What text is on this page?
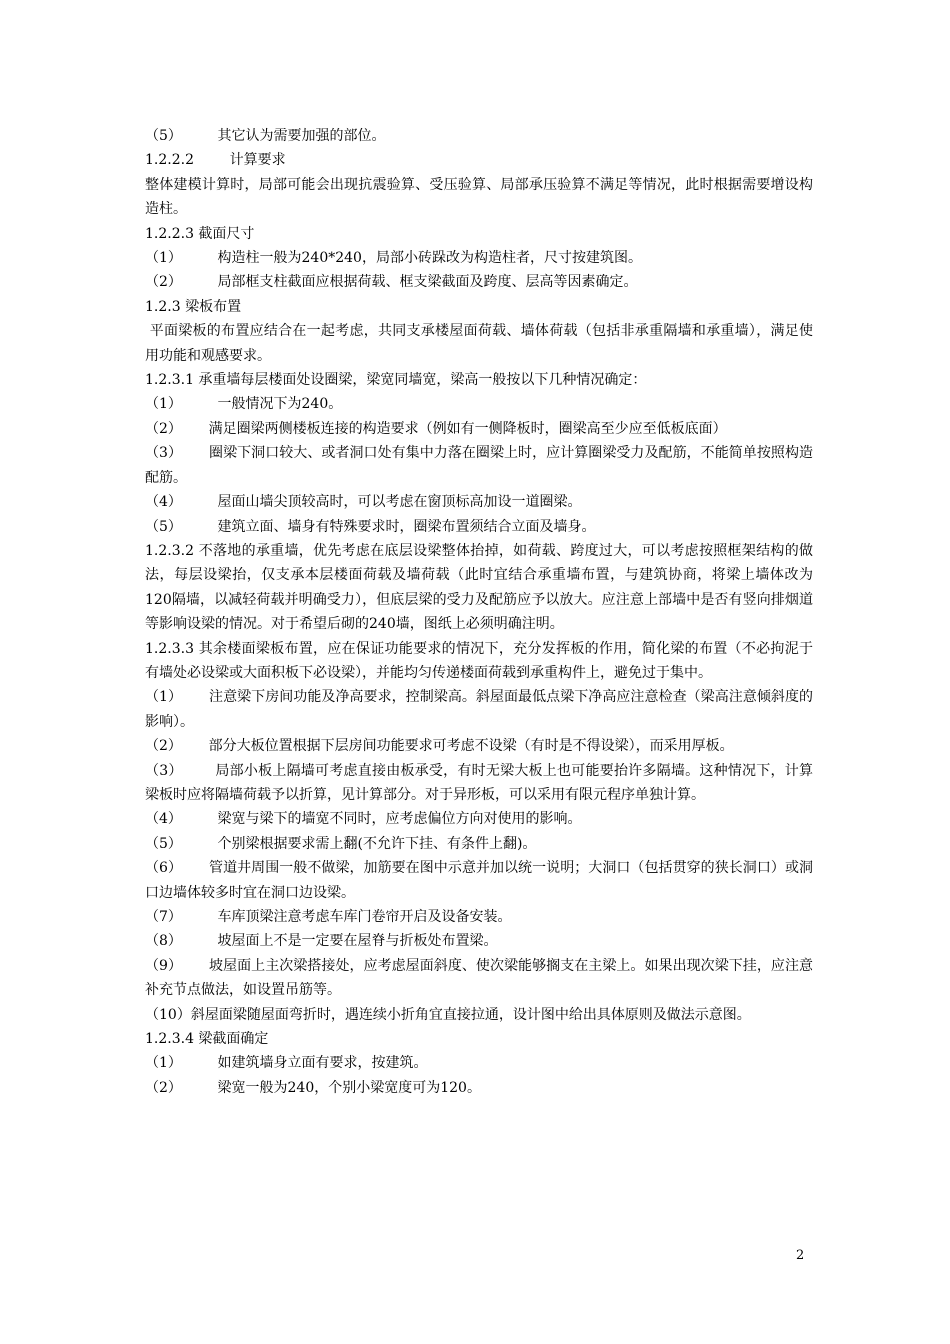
（5）        其它认为需要加强的部位。

1.2.2.2        计算要求

整体建模计算时，局部可能会出现抗震验算、受压验算、局部承压验算不满足等情况，此时根据需要增设构造柱。

1.2.2.3 截面尺寸

（1）        构造柱一般为240*240，局部小砖跺改为构造柱者，尺寸按建筑图。

（2）        局部框支柱截面应根据荷载、框支梁截面及跨度、层高等因素确定。

1.2.3 梁板布置

平面梁板的布置应结合在一起考虑，共同支承楼屋面荷载、墙体荷载（包括非承重隔墙和承重墙），满足使用功能和观感要求。

1.2.3.1 承重墙每层楼面处设圈梁，梁宽同墙宽，梁高一般按以下几种情况确定：

（1）        一般情况下为240。

（2）      满足圈梁两侧楼板连接的构造要求（例如有一侧降板时，圈梁高至少应至低板底面）

（3）      圈梁下洞口较大、或者洞口处有集中力落在圈梁上时，应计算圈梁受力及配筋，不能简单按照构造配筋。

（4）        屋面山墙尖顶较高时，可以考虑在窗顶标高加设一道圈梁。

（5）        建筑立面、墙身有特殊要求时，圈梁布置须结合立面及墙身。

1.2.3.2 不落地的承重墙，优先考虑在底层设梁整体抬掉，如荷载、跨度过大，可以考虑按照框架结构的做法，每层设梁抬，仅支承本层楼面荷载及墙荷载（此时宜结合承重墙布置，与建筑协商，将梁上墙体改为120隔墙，以减轻荷载并明确受力），但底层梁的受力及配筋应予以放大。应注意上部墙中是否有竖向排烟道等影响设梁的情况。对于希望后砌的240墙，图纸上必须明确注明。

1.2.3.3 其余楼面梁板布置，应在保证功能要求的情况下，充分发挥板的作用，简化梁的布置（不必拘泥于有墙处必设梁或大面积板下必设梁），并能均匀传递楼面荷载到承重构件上，避免过于集中。

（1）      注意梁下房间功能及净高要求，控制梁高。斜屋面最低点梁下净高应注意检查（梁高注意倾斜度的影响）。

（2）      部分大板位置根据下层房间功能要求可考虑不设梁（有时是不得设梁），而采用厚板。

（3）       局部小板上隔墙可考虑直接由板承受，有时无梁大板上也可能要抬许多隔墙。这种情况下，计算梁板时应将隔墙荷载予以折算，见计算部分。对于异形板，可以采用有限元程序单独计算。

（4）        梁宽与梁下的墙宽不同时，应考虑偏位方向对使用的影响。

（5）        个别梁根据要求需上翻(不允许下挂、有条件上翻)。

（6）      管道井周围一般不做梁，加筋要在图中示意并加以统一说明；大洞口（包括贯穿的狭长洞口）或洞口边墙体较多时宜在洞口边设梁。

（7）        车库顶梁注意考虑车库门卷帘开启及设备安装。

（8）        坡屋面上不是一定要在屋脊与折板处布置梁。

（9）      坡屋面上主次梁搭接处，应考虑屋面斜度、使次梁能够搁支在主梁上。如果出现次梁下挂，应注意补充节点做法，如设置吊筋等。

（10）斜屋面梁随屋面弯折时，遇连续小折角宜直接拉通，设计图中给出具体原则及做法示意图。

1.2.3.4 梁截面确定

（1）        如建筑墙身立面有要求，按建筑。

（2）        梁宽一般为240，个别小梁宽度可为120。

2
